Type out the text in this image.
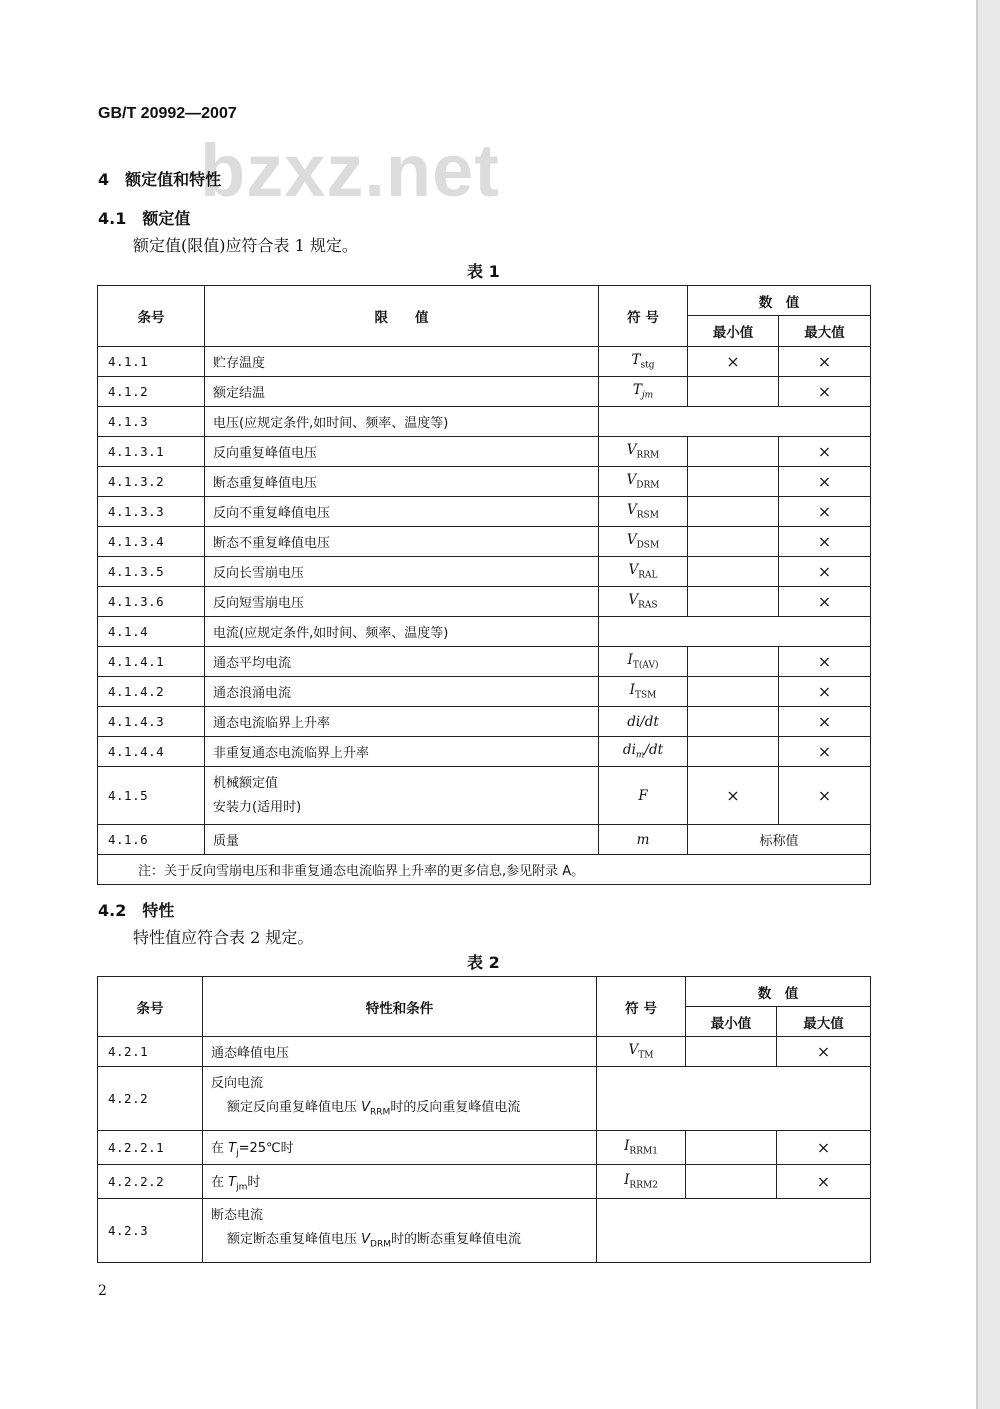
GB/T 20992—2007
bzxz.net
4　额定值和特性
4.1　额定值
额定值(限值)应符合表 1 规定。
表 1
条号	限　　值	符 号	数　值	
			最小值	最大值
4.1.1	贮存温度	$T_{stg}$	×	×
4.1.2	额定结温	$T_{jm}$		×
4.1.3	电压(应规定条件,如时间、频率、温度等)			
4.1.3.1	反向重复峰值电压	$V_{RRM}$		×
4.1.3.2	断态重复峰值电压	$V_{DRM}$		×
4.1.3.3	反向不重复峰值电压	$V_{RSM}$		×
4.1.3.4	断态不重复峰值电压	$V_{DSM}$		×
4.1.3.5	反向长雪崩电压	$V_{RAL}$		×
4.1.3.6	反向短雪崩电压	$V_{RAS}$		×
4.1.4	电流(应规定条件,如时间、频率、温度等)			
4.1.4.1	通态平均电流	$I_{T(AV)}$		×
4.1.4.2	通态浪涌电流	$I_{TSM}$		×
4.1.4.3	通态电流临界上升率	di/dt		×
4.1.4.4	非重复通态电流临界上升率	$di_m/dt$		×
4.1.5	机械额定值
安装力(适用时)	F	×	×
4.1.6	质量	m	标称值	
注：关于反向雪崩电压和非重复通态电流临界上升率的更多信息,参见附录 A。				
4.2　特性
特性值应符合表 2 规定。
表 2
条号	特性和条件	符 号	数　值	
			最小值	最大值
4.2.1	通态峰值电压	$V_{TM}$		×
4.2.2	反向电流
额定反向重复峰值电压 $V_{RRM}$时的反向重复峰值电流			

4.2.2.1	在 $T_j=25℃$时	$I_{RRM1}$		×
4.2.2.2	在 $T_{jm}$时	$I_{RRM2}$		×
4.2.3	断态电流
额定断态重复峰值电压 $V_{DRM}$时的断态重复峰值电流			

2
